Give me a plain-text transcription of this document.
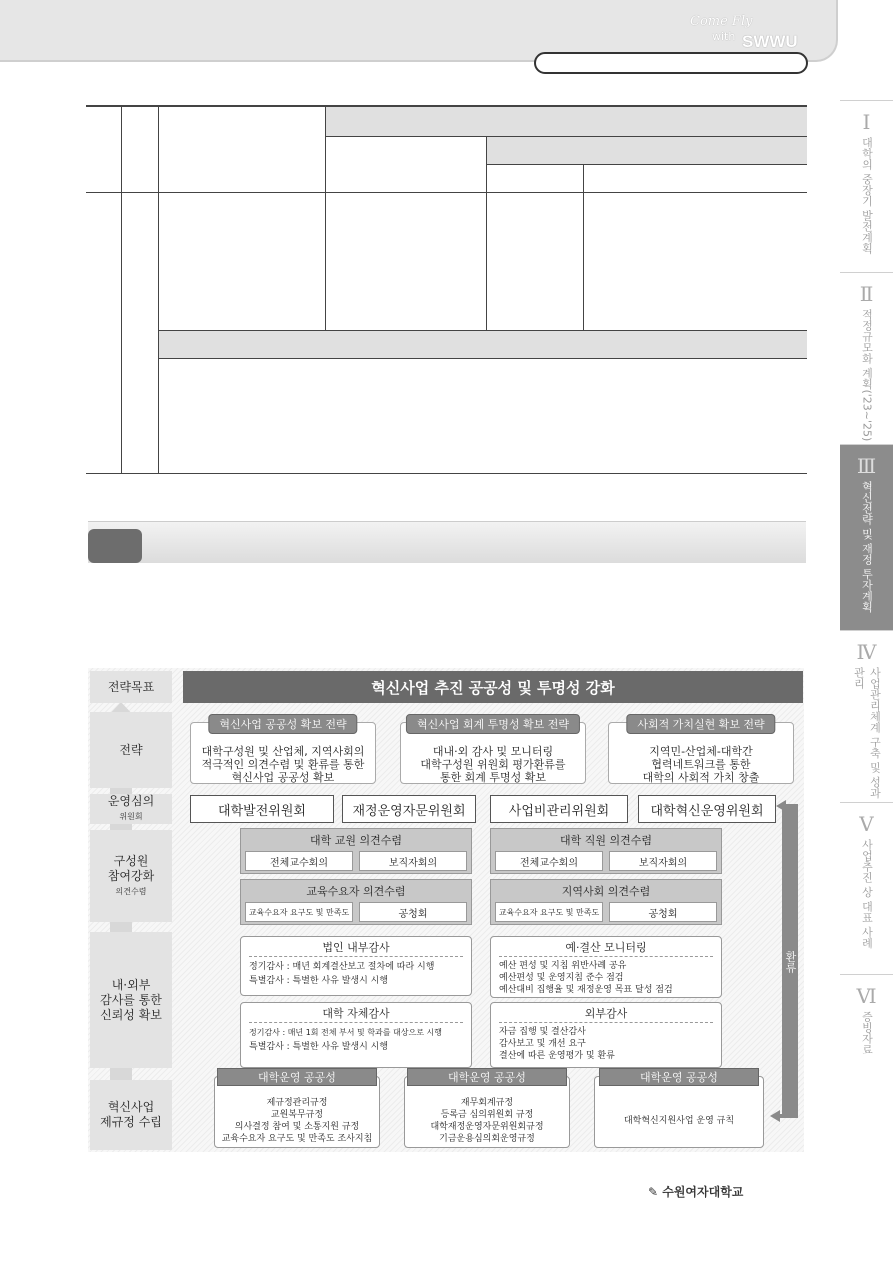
Come Fly
with SWWU
Ⅰ
대학의 중장기 발전계획
Ⅱ
적정규모화 계획('23~'25)
Ⅲ
혁신전략 및 재정 투자계획
Ⅳ
사업관리체계 구축 및 성과관리
Ⅴ
사업추진 상 대표 사례
Ⅵ
증빙자료
전략목표
전략
운영심의
위원회
구성원
참여강화
의견수렴
내·외부
감사를 통한
신뢰성 확보
혁신사업
제규정 수립
혁신사업 추진 공공성 및 투명성 강화
혁신사업 공공성 확보 전략
대학구성원 및 산업체, 지역사회의
적극적인 의견수렴 및 환류를 통한
혁신사업 공공성 확보
혁신사업 회계 투명성 확보 전략
대내·외 감사 및 모니터링
대학구성원 위원회 평가환류를
통한 회계 투명성 확보
사회적 가치실현 확보 전략
지역민-산업체-대학간
협력네트워크를 통한
대학의 사회적 가치 창출
대학발전위원회	재정운영자문위원회	사업비관리위원회	대학혁신운영위원회
대학 교원 의견수렴
전체교수회의	보직자회의
대학 직원 의견수렴
전체교수회의	보직자회의
교육수요자 의견수렴
교육수요자 요구도 및 만족도	공청회
지역사회 의견수렴
교육수요자 요구도 및 만족도	공청회
법인 내부감사
정기감사 : 매년 회계결산보고 절차에 따라 시행
특별감사 : 특별한 사유 발생시 시행
대학 자체감사
정기감사 : 매년 1회 전체 부서 및 학과를 대상으로 시행
특별감사 : 특별한 사유 발생시 시행
예·결산 모니터링
예산 편성 및 지침 위반사례 공유
예산편성 및 운영지침 준수 점검
예산대비 집행율 및 재정운영 목표 달성 점검
외부감사
자금 집행 및 결산감사
감사보고 및 개선 요구
결산에 따른 운영평가 및 환류
대학운영 공공성
제규정관리규정
교원복무규정
의사결정 참여 및 소통지원 규정
교육수요자 요구도 및 만족도 조사지침
대학운영 공공성
재무회계규정
등록금 심의위원회 규정
대학재정운영자문위원회규정
기금운용심의회운영규정
대학운영 공공성
대학혁신지원사업 운영 규칙
환류
✎ 수원여자대학교
